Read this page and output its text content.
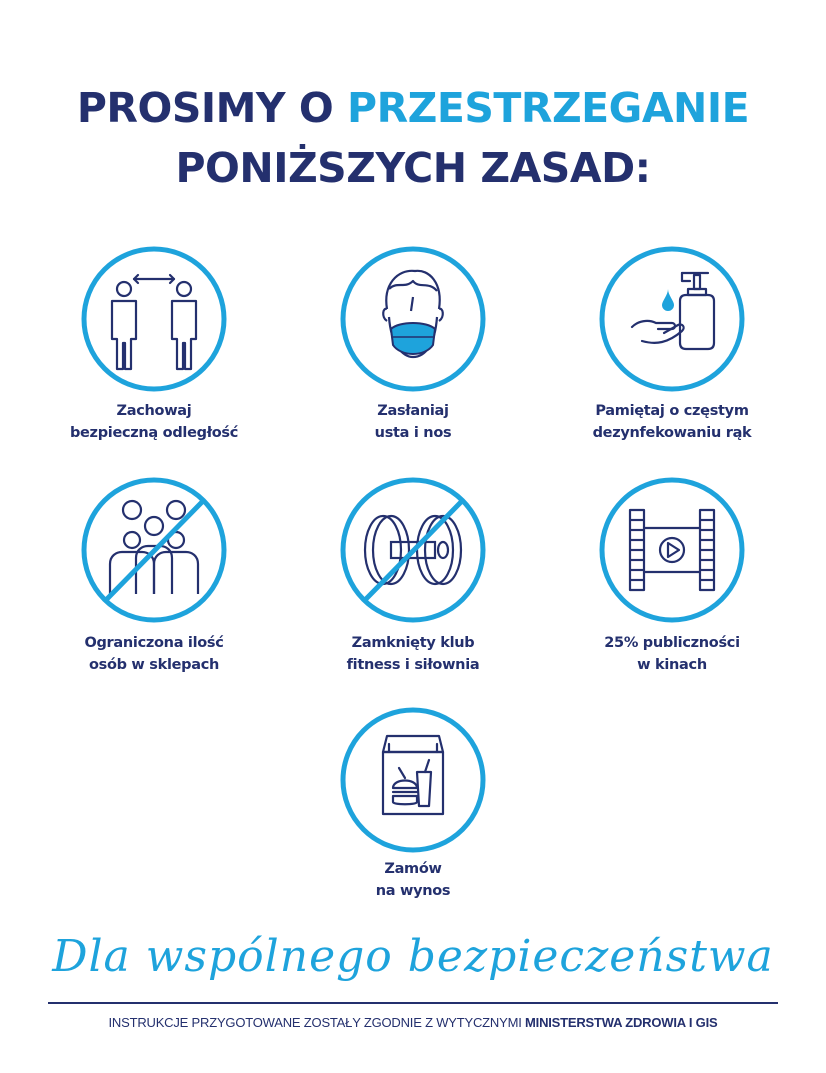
PROSIMY O PRZESTRZEGANIE
PONIŻSZYCH ZASAD:
Zachowaj
bezpieczną odległość
Zasłaniaj
usta i nos
Pamiętaj o częstym
dezynfekowaniu rąk
Ograniczona ilość
osób w sklepach
Zamknięty klub
fitness i siłownia
25% publiczności
w kinach
Zamów
na wynos
Dla wspólnego bezpieczeństwa
INSTRUKCJE PRZYGOTOWANE ZOSTAŁY ZGODNIE Z WYTYCZNYMI MINISTERSTWA ZDROWIA I GIS
